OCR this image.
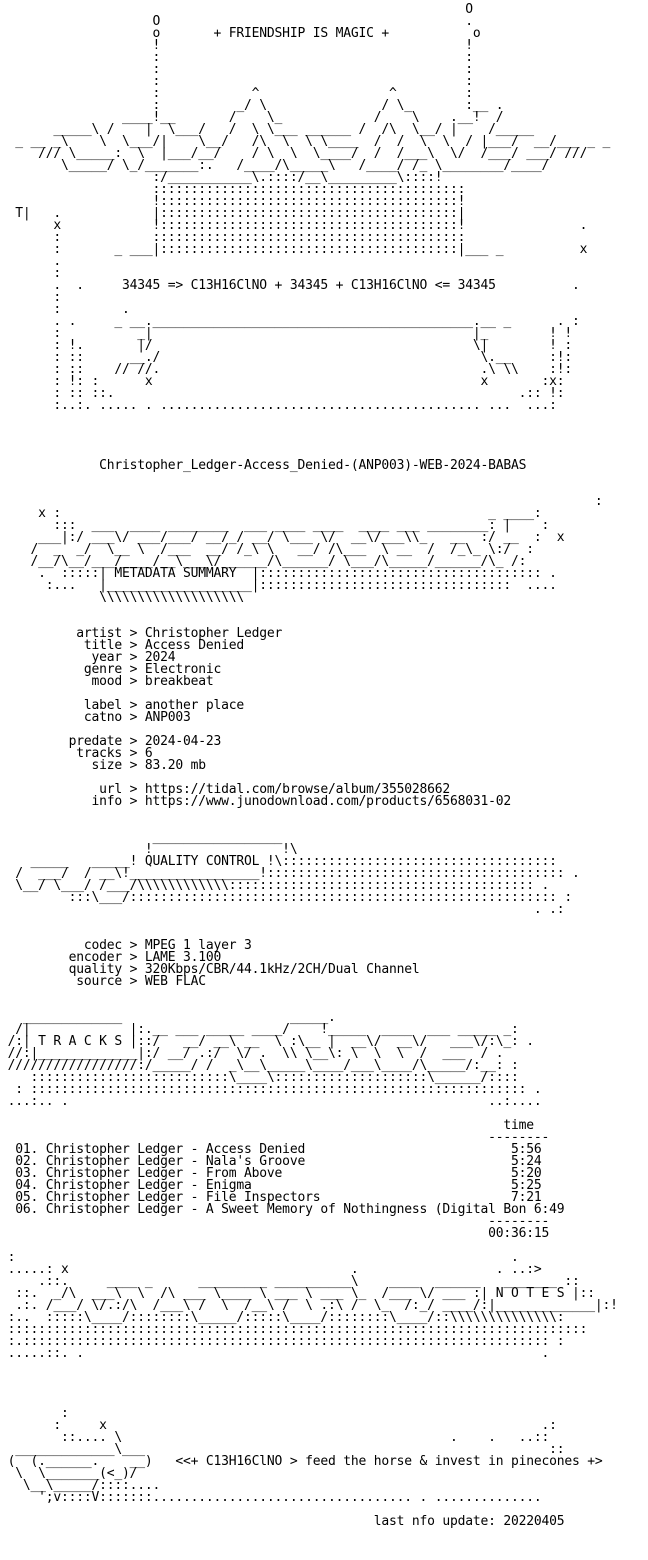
O
O                                        .
o       + FRIENDSHIP IS MAGIC +           o
!                                        !
:                                        :
:                                        :
:                                        :
:            ^                 ^         :
:          _/ \               / \_       :__ .
____!__       /    \_            /    \    .__!  /
_____\ /    |  \___/   /  \ \___ ______ /  /\  \__/ |    /_____
_ __ _\    \  \___/|    \__/   /\  \  \ \____  /  /  \  \  / |___/  __/___ _ _
/// \_____:  \  |___/__/    / \  \  \____/  /  /___\  \/  /___/ ___/ ///
\_____/ \_/_______:.   /____/\_____\   /____/ /_ \________/____/
:/___________\.::::/__\_________\::::!
:::::::::::::::::::::::::::::::::::::::::
!:::::::::::::::::::::::::::::::::::::::!
T|   .            |:::::::::::::::::::::::::::::::::::::::|
x            !:::::::::::::::::::::::::::::::::::::::!               .
:            :::::::::::::::::::::::::::::::::::::::::
:       _ ___|:::::::::::::::::::::::::::::::::::::::|___ _          x
.
:
.  .     34345 => C13H16ClNO + 34345 + C13H16ClNO <= 34345          .
:
:        .
. .     _ __.__________________________________________.__ _      . :
:          _|                                          |_        ! !
: !.       |/                                          \|        ! :
: ::      __./                                          \.__     :!:
: ::    // //.                                          .\ \\    :!:
: !: :      x                                           x       :x:
: :: ::.                                                     .:: !:
:..:. ..... . .......................................... ...  ...:

Christopher_Ledger-Access_Denied-(ANP003)-WEB-2024-BABAS

:
x :                                                        _ ____:
:::  ___  ____ ________  ___ ____ ____  ____ ___ ________: |    :
___|:/ ___\/ ___/___/ __/_/ __/ \___ \/  __\/___\\_   __  :/ __  :  x
/  _  _/  \__ \  /___  __/ /_\ \   __/ /\___  \ __  /  /_\_ \:/  :
/__/\__/___/____/__\___\/______/\______/ \___/\_____/______/\_ /:
.  :::::| METADATA SUMMARY  |::::::::::::::::::::::::::::::::::::: .
:...   |___________________|:::::::::::::::::::::::::::::::::  ....
\\\\\\\\\\\\\\\\\\\

artist > Christopher Ledger
title > Access Denied
year > 2024
genre > Electronic
mood > breakbeat

label > another place
catno > ANP003

predate > 2024-04-23
tracks > 6
size > 83.20 mb

url > https://tidal.com/browse/album/355028662
info > https://www.junodownload.com/products/6568031-02

_________________
!                 !\
_____   _____! QUALITY CONTROL !\::::::::::::::::::::::::::::::::::::
/  ___/  / __\!_________________!::::::::::::::::::::::::::::::::::::::: .
\__/ \___/ /___/\\\\\\\\\\\\:::::::::::::::::::::::::::::::::::::::: .
:::\___/:::::::::::::::::::::::::::::::::::::::::::::::::::::::: :
. .:

codec > MPEG 1 layer 3
encoder > LAME 3.100
quality > 320Kbps/CBR/44.1kHz/2CH/Dual Channel
source > WEB FLAC

_____________                      _____.
/|             |:.__ ___ _____ ____/    !_____  ____  ___ _____ _:
/:| T R A C K S |::/   __/ __\ __  \ :\__ |  __\/  __\/   ___\/:\_: .
//:|_____________|:/ __/ .:/  \/ .  \\ \__\: \  \  \  /  ___  / .
/////////////////:/_____/ /  _\__\_____\____/___\____/\_____/:__: :
::::::::::::::::::::::::::\____\::::::::::::::::::::\______/::::
: ::::::::::::::::::::::::::::::::::::::::::::::::::::::::::::::::: .
...:.. .                                                       ..:....

time
--------
01. Christopher Ledger - Access Denied                           5:56
02. Christopher Ledger - Nala's Groove                           5:24
03. Christopher Ledger - From Above                              5:20
04. Christopher Ledger - Enigma                                  5:25
05. Christopher Ledger - File Inspectors                         7:21
06. Christopher Ledger - A Sweet Memory of Nothingness (Digital Bon 6:49
--------
00:36:15

:                                                                 .
.....: x                                     .                  . ..:>
.::.     ____ _      _________ __________\    ____  ______   _______ ::
::.  _/\  ___\  \  /\ ___ \____ \ ___ \ ___ \_  /___ \/ ___ :| N O T E S |::
.:. /___/ \/.:/\  /___\ /  \  /__\ /  \ .:\ /  \_  /:_/ ____/:|_____________|:!
:..  :::::\____/::::::::\_____/:::::\____/::::::::\____/::\\\\\\\\\\\\\\:
::::::::::::::::::::::::::::::::::::::::::::::::::::::::::::::::::::::::::::
:.::::::::::::::::::::::::::::::::::::::::::::::::::::::::::::::::::::: :
.....::. .                                                            .

:
:     x                                                         .:
::.... \                                           .    .   ..::
_____________\___                                                     ::
(  (.______.    __)   <<+ C13H16ClNO > feed the horse & invest in pinecones +>
\  \_______(<_)/
\__\_____/::::....
';v::::V:::::::.................................. . ..............

last nfo update: 20220405
